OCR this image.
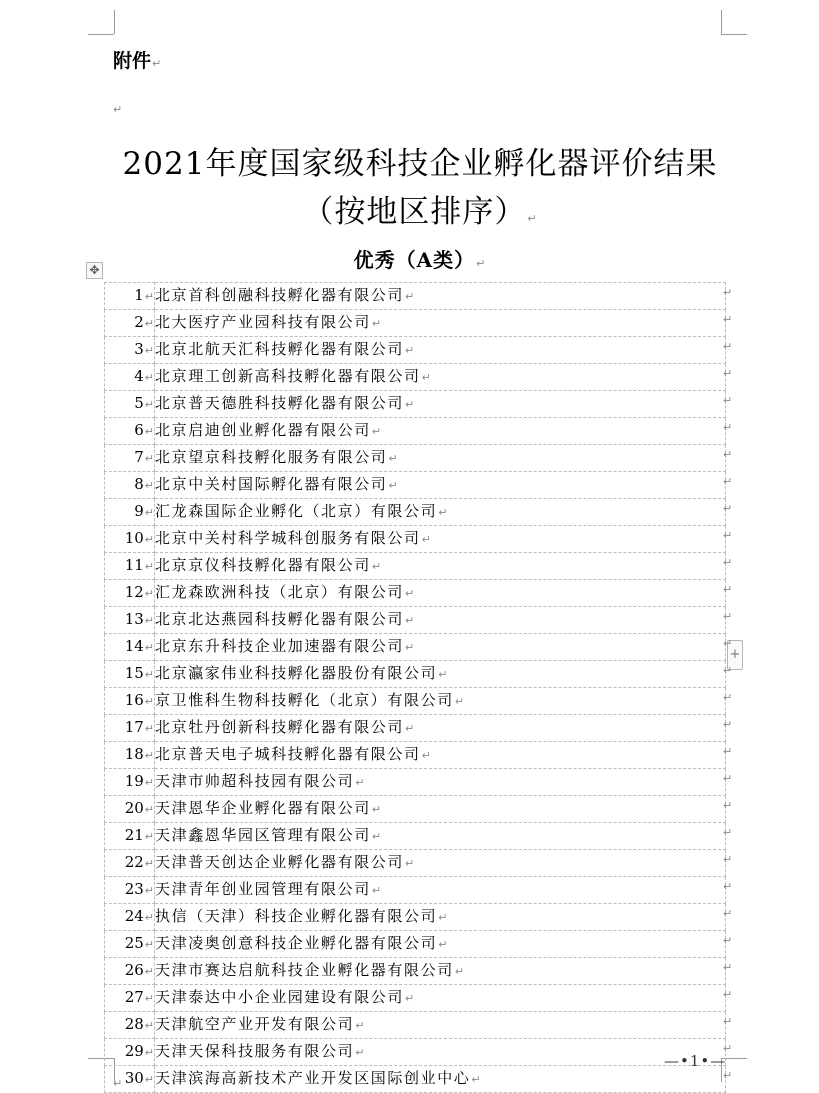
附件↵
↵
2021年度国家级科技企业孵化器评价结果
（按地区排序）↵
优秀（A类）↵
✥
+
1↵	北京首科创融科技孵化器有限公司↵
2↵	北大医疗产业园科技有限公司↵
3↵	北京北航天汇科技孵化器有限公司↵
4↵	北京理工创新高科技孵化器有限公司↵
5↵	北京普天德胜科技孵化器有限公司↵
6↵	北京启迪创业孵化器有限公司↵
7↵	北京望京科技孵化服务有限公司↵
8↵	北京中关村国际孵化器有限公司↵
9↵	汇龙森国际企业孵化（北京）有限公司↵
10↵	北京中关村科学城科创服务有限公司↵
11↵	北京京仪科技孵化器有限公司↵
12↵	汇龙森欧洲科技（北京）有限公司↵
13↵	北京北达燕园科技孵化器有限公司↵
14↵	北京东升科技企业加速器有限公司↵
15↵	北京瀛家伟业科技孵化器股份有限公司↵
16↵	京卫惟科生物科技孵化（北京）有限公司↵
17↵	北京牡丹创新科技孵化器有限公司↵
18↵	北京普天电子城科技孵化器有限公司↵
19↵	天津市帅超科技园有限公司↵
20↵	天津恩华企业孵化器有限公司↵
21↵	天津鑫恩华园区管理有限公司↵
22↵	天津普天创达企业孵化器有限公司↵
23↵	天津青年创业园管理有限公司↵
24↵	执信（天津）科技企业孵化器有限公司↵
25↵	天津凌奥创意科技企业孵化器有限公司↵
26↵	天津市赛达启航科技企业孵化器有限公司↵
27↵	天津泰达中小企业园建设有限公司↵
28↵	天津航空产业开发有限公司↵
29↵	天津天保科技服务有限公司↵
30↵	天津滨海高新技术产业开发区国际创业中心↵
—•1•—
↵
↵
↵
↵
↵
↵
↵
↵
↵
↵
↵
↵
↵
↵
↵
↵
↵
↵
↵
↵
↵
↵
↵
↵
↵
↵
↵
↵
↵
↵
↵
